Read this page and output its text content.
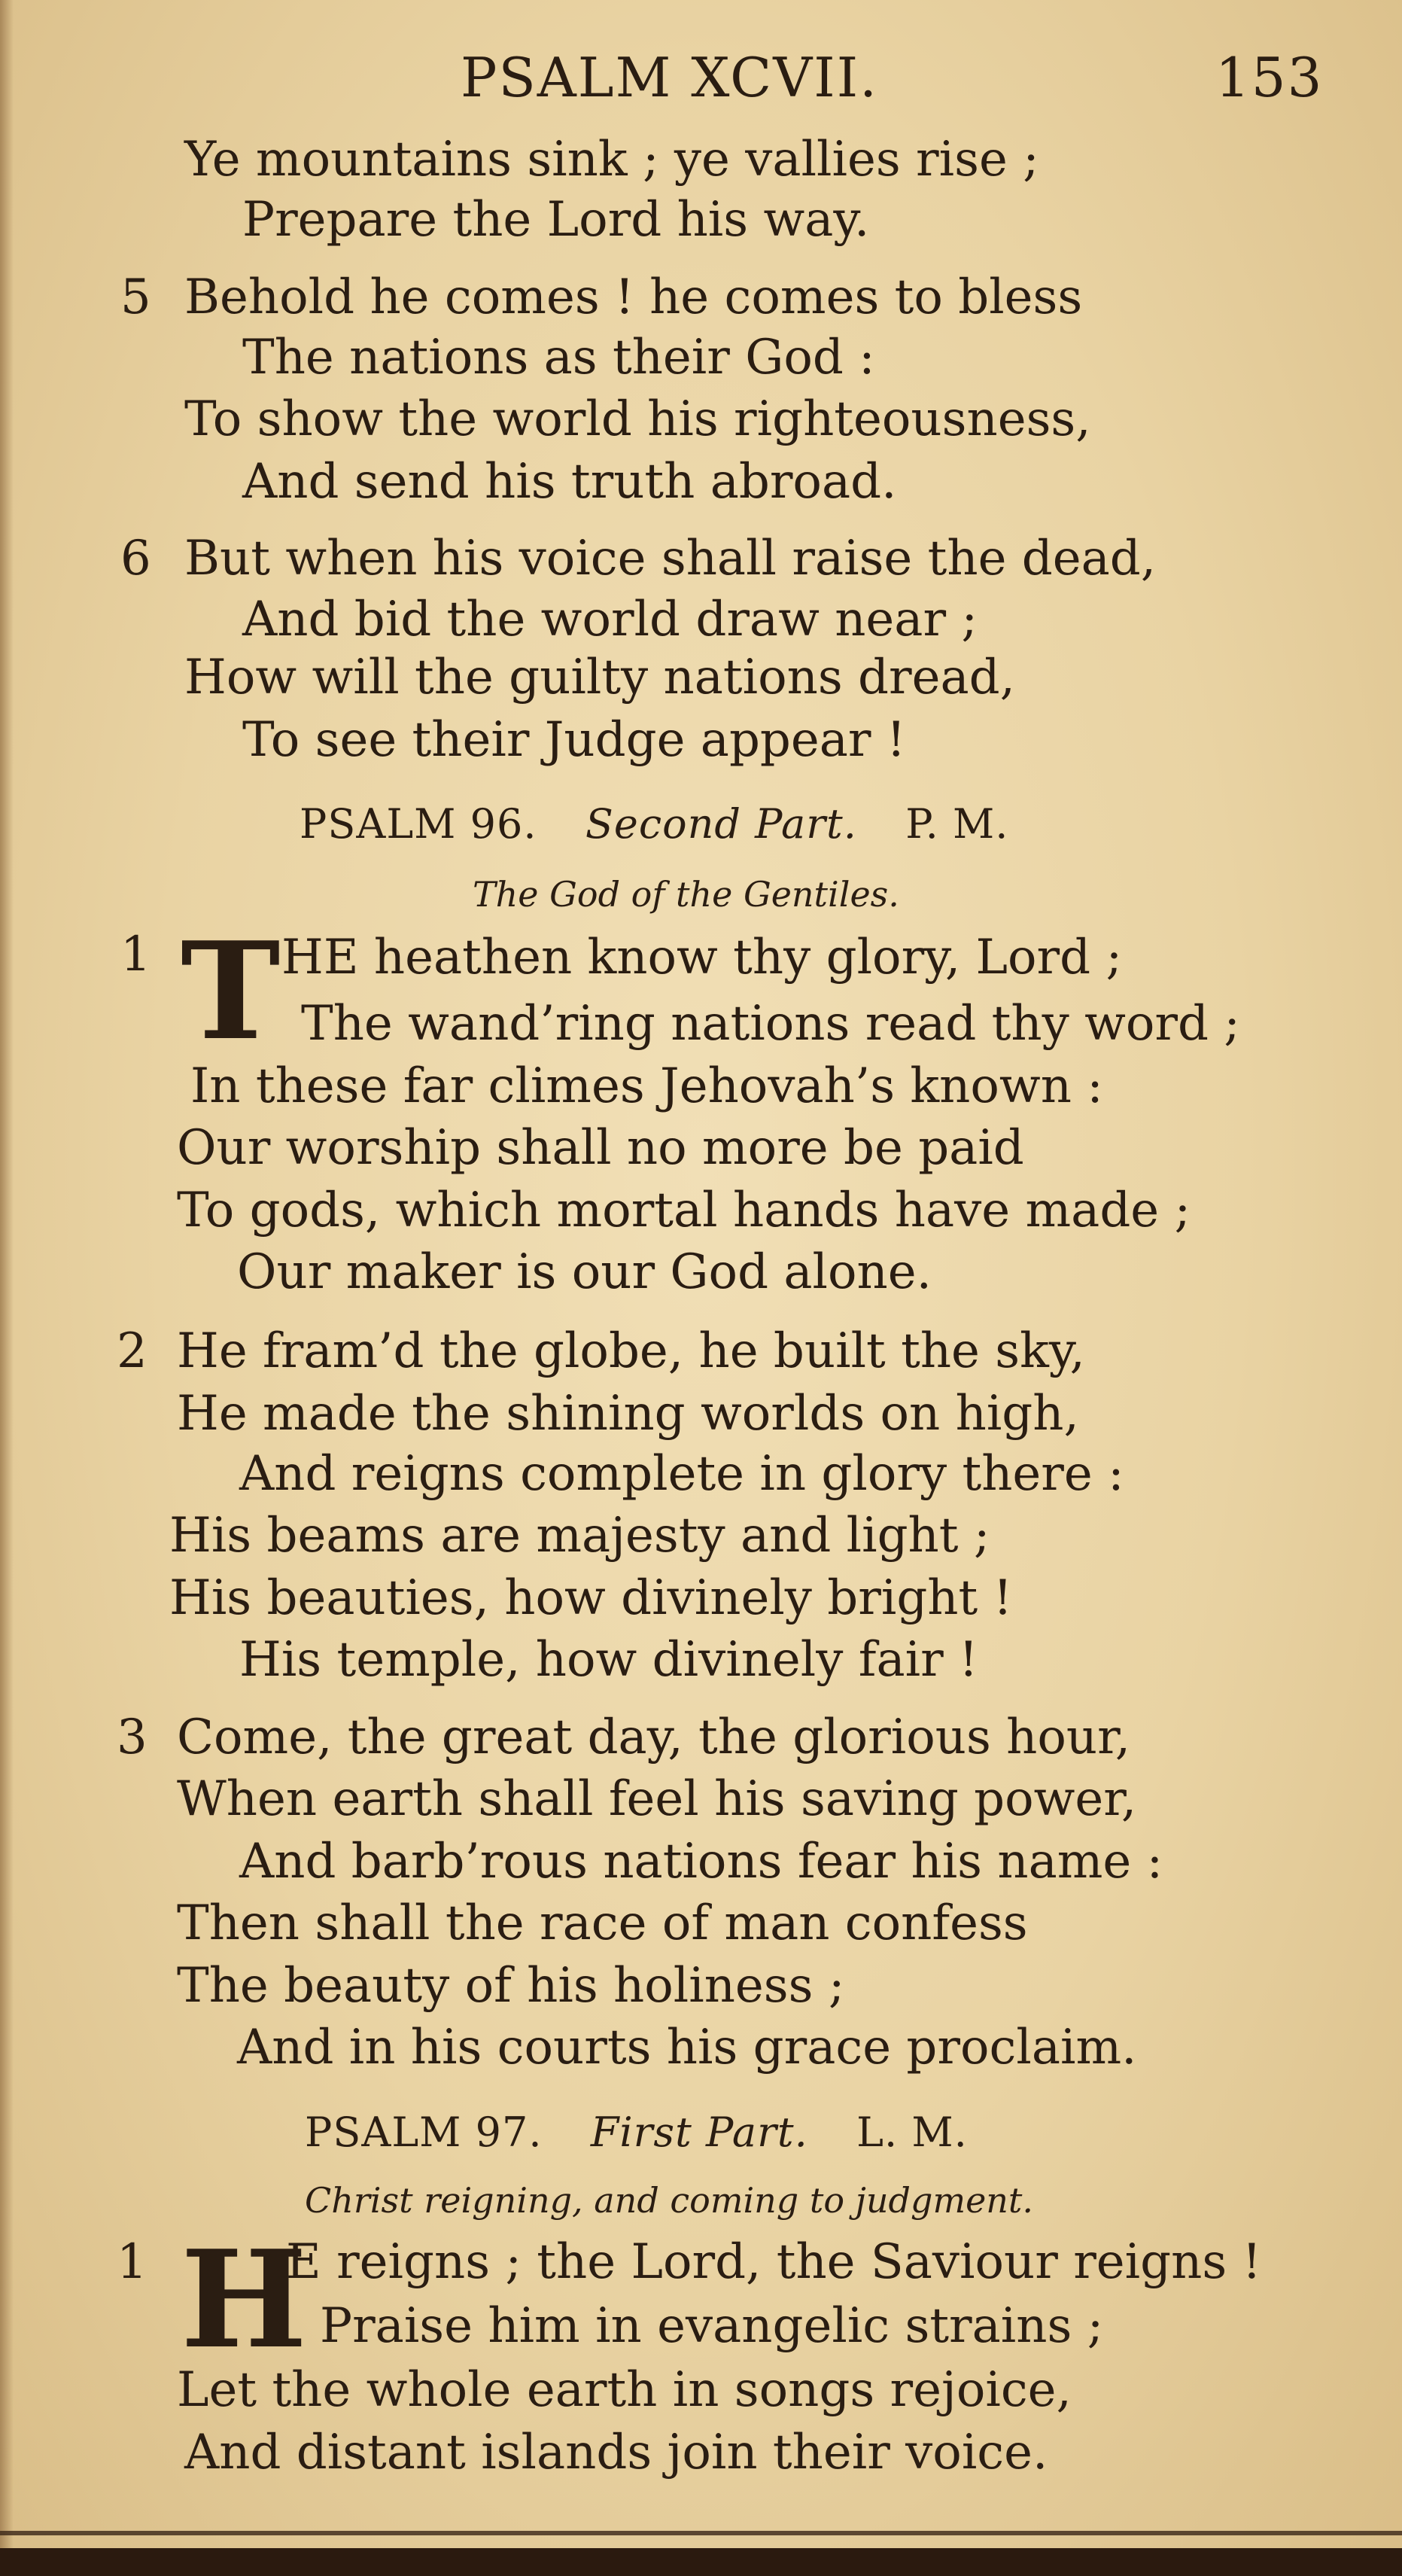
PSALM XCVII.	153
Ye mountains sink ; ye vallies rise ;
Prepare the Lord his way.
5 Behold he comes ! he comes to bless
The nations as their God :
To show the world his righteousness,
And send his truth abroad.
6 But when his voice shall raise the dead,
And bid the world draw near ;
How will the guilty nations dread,
To see their Judge appear !
PSALM 96. Second Part. P. M.
The God of the Gentiles.
1 T HE heathen know thy glory, Lord ;
The wand’ring nations read thy word ;
In these far climes Jehovah’s known :
Our worship shall no more be paid
To gods, which mortal hands have made ;
Our maker is our God alone.
2 He fram’d the globe, he built the sky,
He made the shining worlds on high,
And reigns complete in glory there :
His beams are majesty and light ;
His beauties, how divinely bright !
His temple, how divinely fair !
3 Come, the great day, the glorious hour,
When earth shall feel his saving power,
And barb’rous nations fear his name :
Then shall the race of man confess
The beauty of his holiness ;
And in his courts his grace proclaim.
PSALM 97. First Part. L. M.
Christ reigning, and coming to judgment.
1 H
E reigns ; the Lord, the Saviour reigns !
Praise him in evangelic strains ;
Let the whole earth in songs rejoice,
And distant islands join their voice.
